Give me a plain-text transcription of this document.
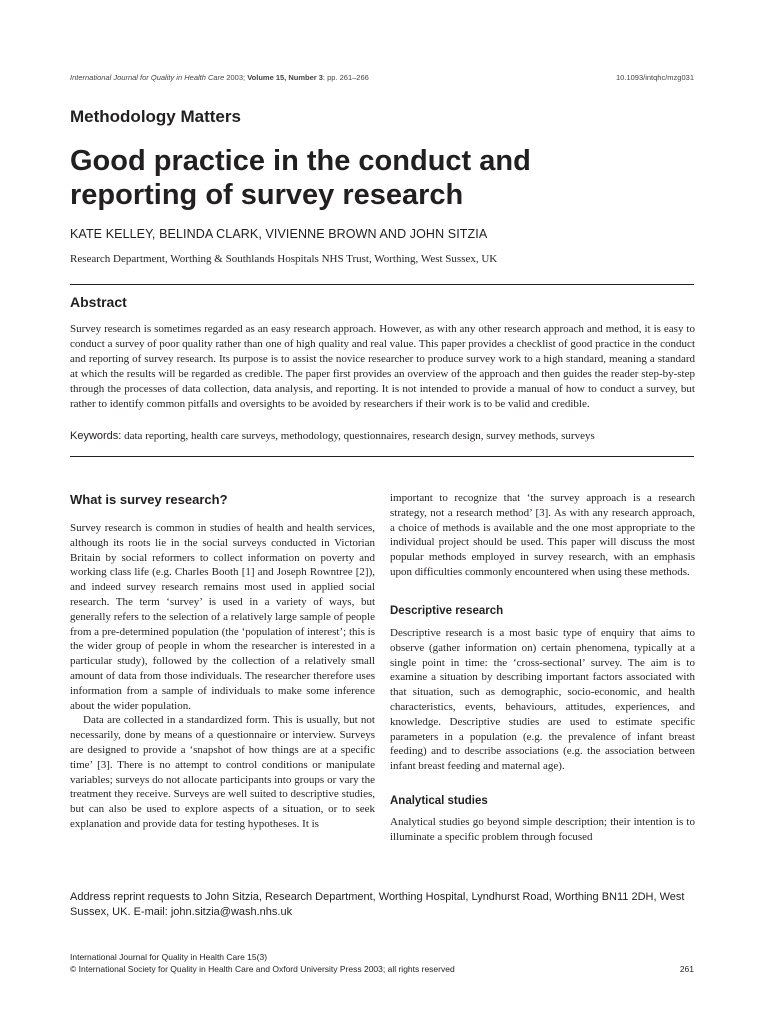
International Journal for Quality in Health Care 2003; Volume 15, Number 3: pp. 261–266	10.1093/intqhc/mzg031
Methodology Matters
Good practice in the conduct and
reporting of survey research
KATE KELLEY, BELINDA CLARK, VIVIENNE BROWN AND JOHN SITZIA
Research Department, Worthing & Southlands Hospitals NHS Trust, Worthing, West Sussex, UK
Abstract
Survey research is sometimes regarded as an easy research approach. However, as with any other research approach and method, it is easy to conduct a survey of poor quality rather than one of high quality and real value. This paper provides a checklist of good practice in the conduct and reporting of survey research. Its purpose is to assist the novice researcher to produce survey work to a high standard, meaning a standard at which the results will be regarded as credible. The paper first provides an overview of the approach and then guides the reader step-by-step through the processes of data collection, data analysis, and reporting. It is not intended to provide a manual of how to conduct a survey, but rather to identify common pitfalls and oversights to be avoided by researchers if their work is to be valid and credible.
Keywords: data reporting, health care surveys, methodology, questionnaires, research design, survey methods, surveys
What is survey research?

Survey research is common in studies of health and health services, although its roots lie in the social surveys conducted in Victorian Britain by social reformers to collect information on poverty and working class life (e.g. Charles Booth [1] and Joseph Rowntree [2]), and indeed survey research remains most used in applied social research. The term ‘survey’ is used in a variety of ways, but generally refers to the selection of a relatively large sample of people from a pre-determined population (the ‘population of interest’; this is the wider group of people in whom the researcher is interested in a particular study), followed by the collection of a relatively small amount of data from those individuals. The researcher therefore uses information from a sample of individuals to make some inference about the wider population.

Data are collected in a standardized form. This is usually, but not necessarily, done by means of a questionnaire or interview. Surveys are designed to provide a ‘snapshot of how things are at a specific time’ [3]. There is no attempt to control conditions or manipulate variables; surveys do not allocate participants into groups or vary the treatment they receive. Surveys are well suited to descriptive studies, but can also be used to explore aspects of a situation, or to seek explanation and provide data for testing hypotheses. It is

important to recognize that ‘the survey approach is a research strategy, not a research method’ [3]. As with any research approach, a choice of methods is available and the one most appropriate to the individual project should be used. This paper will discuss the most popular methods employed in survey research, with an emphasis upon difficulties commonly encountered when using these methods.

Descriptive research

Descriptive research is a most basic type of enquiry that aims to observe (gather information on) certain phenomena, typically at a single point in time: the ‘cross-sectional’ survey. The aim is to examine a situation by describing important factors associated with that situation, such as demographic, socio-economic, and health characteristics, events, behaviours, attitudes, experiences, and knowledge. Descriptive studies are used to estimate specific parameters in a population (e.g. the prevalence of infant breast feeding) and to describe associations (e.g. the association between infant breast feeding and maternal age).

Analytical studies

Analytical studies go beyond simple description; their intention is to illuminate a specific problem through focused

Address reprint requests to John Sitzia, Research Department, Worthing Hospital, Lyndhurst Road, Worthing BN11 2DH, West Sussex, UK. E-mail: john.sitzia@wash.nhs.uk
International Journal for Quality in Health Care 15(3)
© International Society for Quality in Health Care and Oxford University Press 2003; all rights reserved	261
